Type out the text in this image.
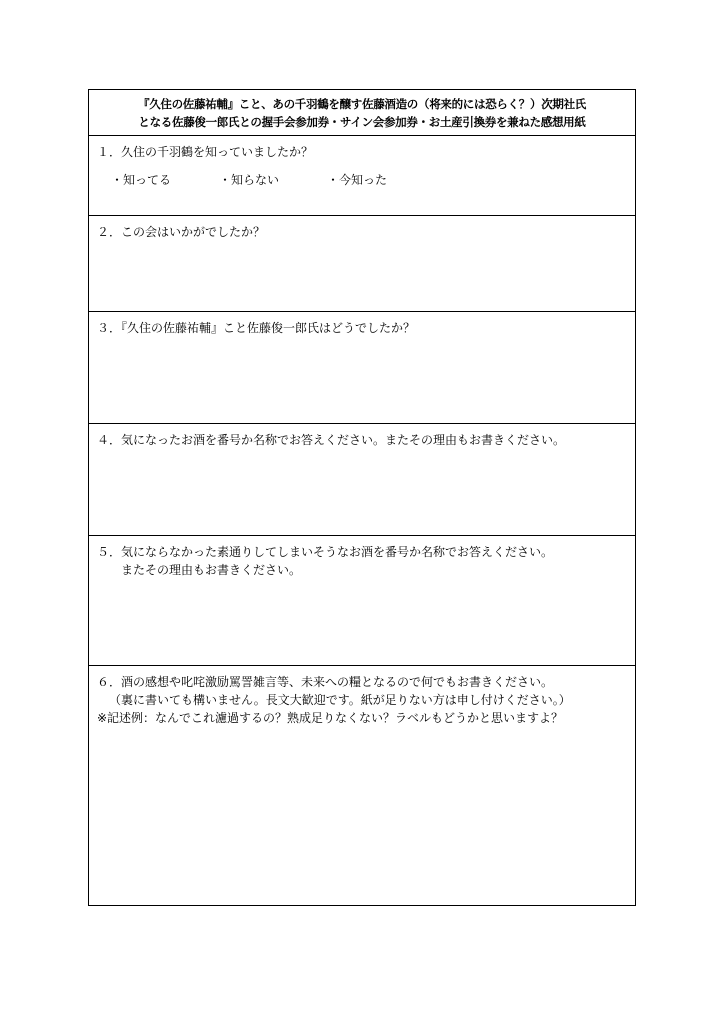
『久住の佐藤祐輔』こと、あの千羽鶴を醸す佐藤酒造の（将来的には恐らく？）次期社氏
となる佐藤俊一郎氏との握手会参加券・サイン会参加券・お土産引換券を兼ねた感想用紙
１．久住の千羽鶴を知っていましたか？
・知ってる	・知らない	・今知った
２．この会はいかがでしたか？
３．『久住の佐藤祐輔』こと佐藤俊一郎氏はどうでしたか？
４．気になったお酒を番号か名称でお答えください。またその理由もお書きください。
５．気にならなかった素通りしてしまいそうなお酒を番号か名称でお答えください。
またその理由もお書きください。
６．酒の感想や叱咤激励罵詈雑言等、未来への糧となるので何でもお書きください。
（裏に書いても構いません。長文大歓迎です。紙が足りない方は申し付けください。）
※記述例：なんでこれ濾過するの？熟成足りなくない？ラベルもどうかと思いますよ？
